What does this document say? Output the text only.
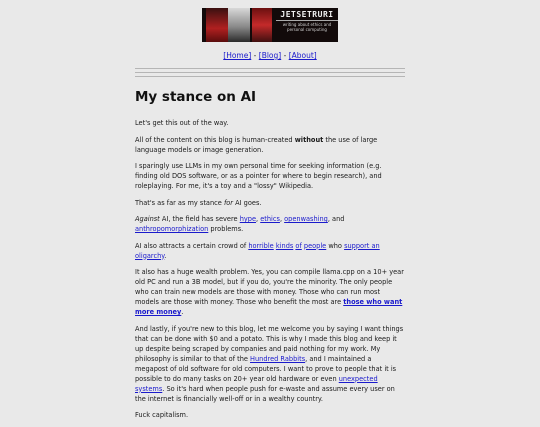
JETSETRURI
writing about ethics and personal computing
[Home] - [Blog] - [About]
My stance on AI

Let's get this out of the way.

All of the content on this blog is human-created without the use of large language models or image generation.

I sparingly use LLMs in my own personal time for seeking information (e.g. finding old DOS software, or as a pointer for where to begin research), and roleplaying. For me, it's a toy and a "lossy" Wikipedia.

That's as far as my stance for AI goes.

Against AI, the field has severe hype, ethics, openwashing, and anthropomorphization problems.

AI also attracts a certain crowd of horrible kinds of people who support an oligarchy.

It also has a huge wealth problem. Yes, you can compile llama.cpp on a 10+ year old PC and run a 3B model, but if you do, you're the minority. The only people who can train new models are those with money. Those who can run most models are those with money. Those who benefit the most are those who want more money.

And lastly, if you're new to this blog, let me welcome you by saying I want things that can be done with $0 and a potato. This is why I made this blog and keep it up despite being scraped by companies and paid nothing for my work. My philosophy is similar to that of the Hundred Rabbits, and I maintained a megapost of old software for old computers. I want to prove to people that it is possible to do many tasks on 20+ year old hardware or even unexpected systems. So it's hard when people push for e-waste and assume every user on the internet is financially well-off or in a wealthy country.

Fuck capitalism.
